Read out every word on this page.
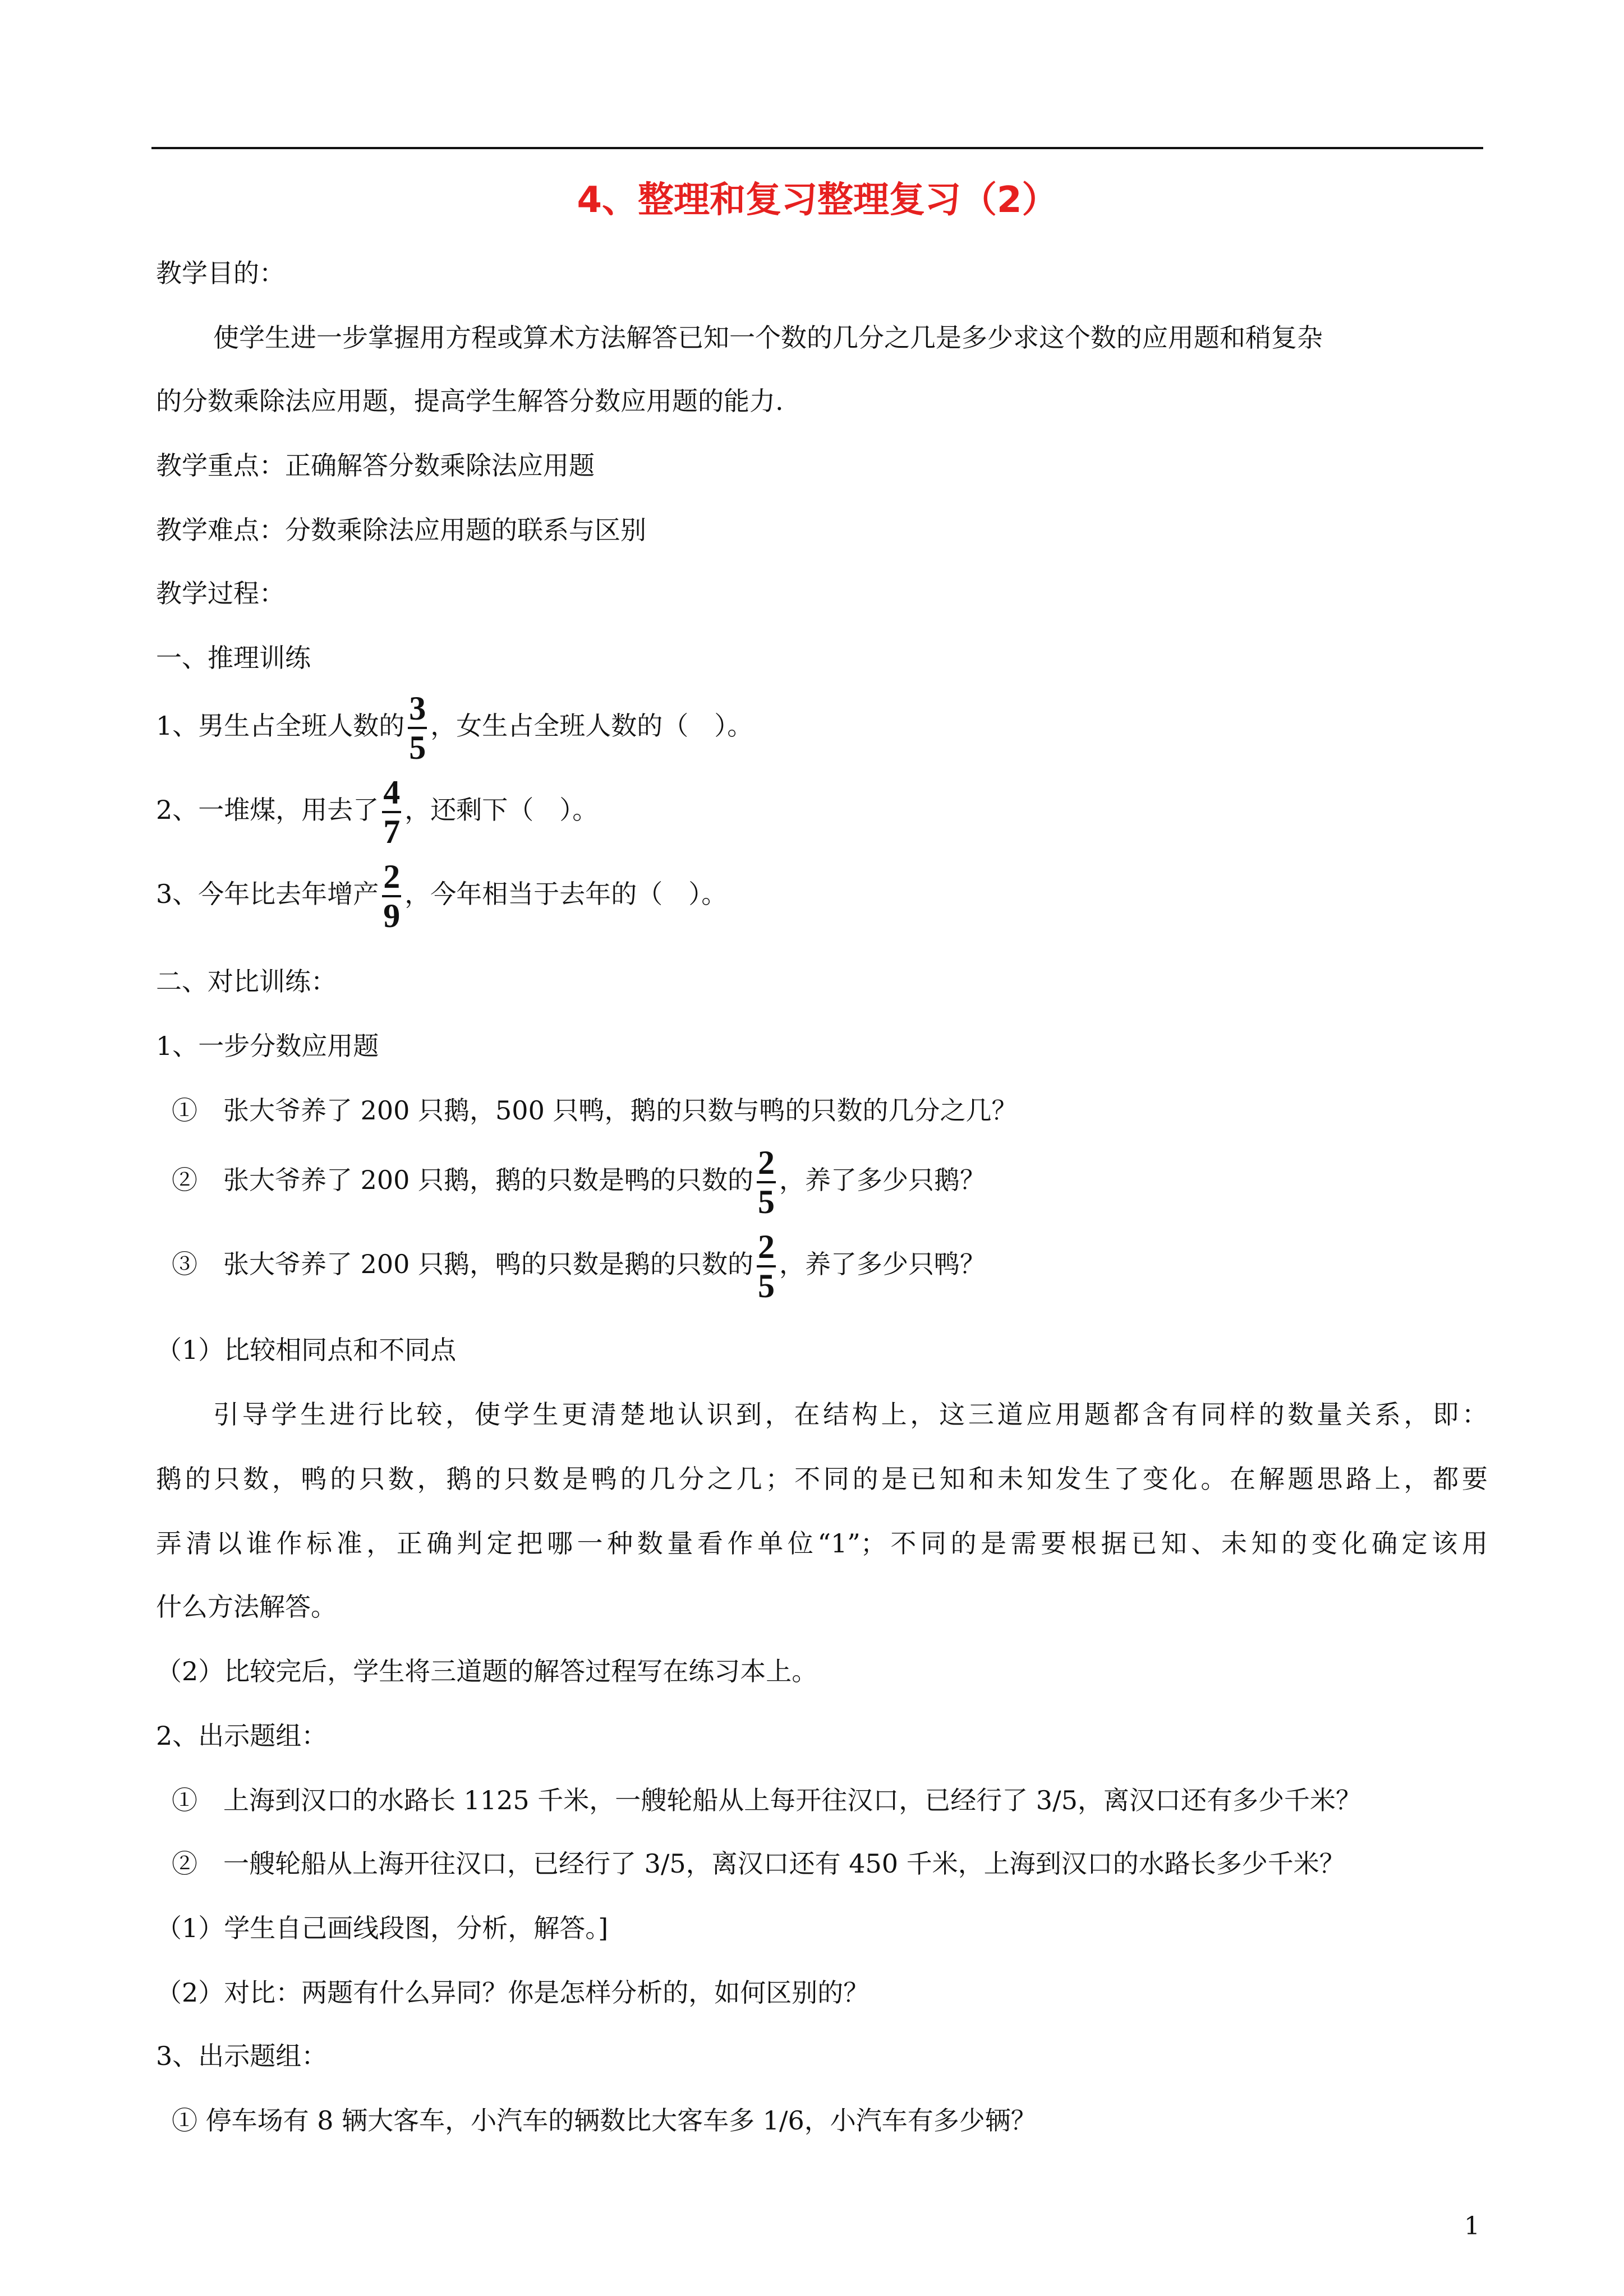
4、整理和复习整理复习（2）
教学目的：
使学生进一步掌握用方程或算术方法解答已知一个数的几分之几是多少求这个数的应用题和稍复杂
的分数乘除法应用题，提高学生解答分数应用题的能力.
教学重点：正确解答分数乘除法应用题
教学难点：分数乘除法应用题的联系与区别
教学过程：
一、推理训练
1、男生占全班人数的 $\frac{3}{5}$ ，女生占全班人数的（　）。
2、一堆煤，用去了 $\frac{4}{7}$ ，还剩下（　）。
3、今年比去年增产 $\frac{2}{9}$ ，今年相当于去年的（　）。
二、对比训练：
1、一步分数应用题
①　张大爷养了 200 只鹅，500 只鸭，鹅的只数与鸭的只数的几分之几？
②　张大爷养了 200 只鹅，鹅的只数是鸭的只数的 $\frac{2}{5}$ ，养了多少只鹅？
③　张大爷养了 200 只鹅，鸭的只数是鹅的只数的 $\frac{2}{5}$ ，养了多少只鸭？
（1）比较相同点和不同点
引导学生进行比较，使学生更清楚地认识到，在结构上，这三道应用题都含有同样的数量关系，即：
鹅的只数，鸭的只数，鹅的只数是鸭的几分之几；不同的是已知和未知发生了变化。在解题思路上，都要
弄清以谁作标准，正确判定把哪一种数量看作单位“1”；不同的是需要根据已知、未知的变化确定该用
什么方法解答。
（2）比较完后，学生将三道题的解答过程写在练习本上。
2、出示题组：
①　上海到汉口的水路长 1125 千米，一艘轮船从上每开往汉口，已经行了 3/5，离汉口还有多少千米？
②　一艘轮船从上海开往汉口，已经行了 3/5，离汉口还有 450 千米，上海到汉口的水路长多少千米？
（1）学生自己画线段图，分析，解答。]
（2）对比：两题有什么异同？你是怎样分析的，如何区别的？
3、出示题组：
① 停车场有 8 辆大客车，小汽车的辆数比大客车多 1/6，小汽车有多少辆？
1
